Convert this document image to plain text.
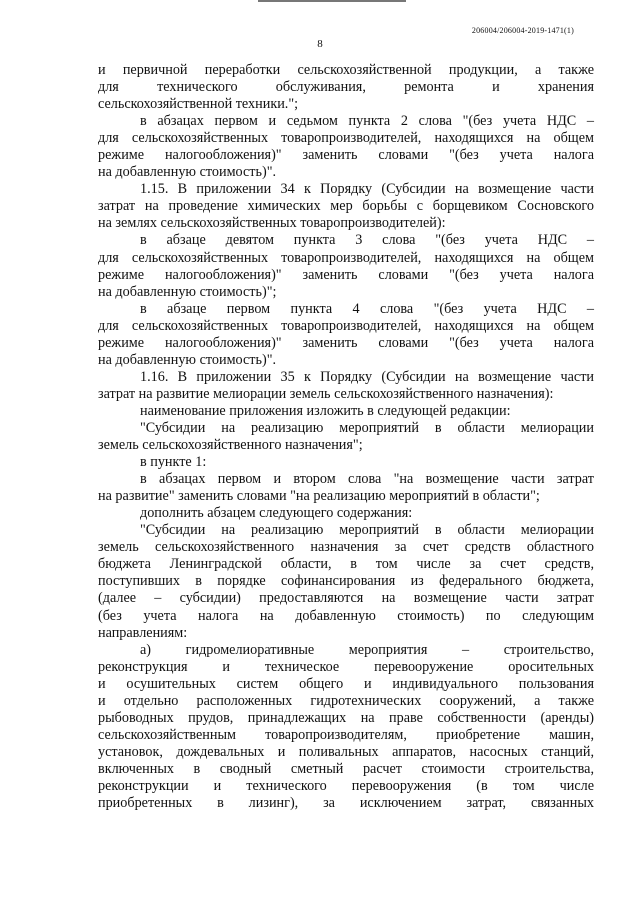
206004/206004-2019-1471(1)
8
и первичной переработки сельскохозяйственной продукции, а также
для технического обслуживания, ремонта и хранения
сельскохозяйственной техники.";
в абзацах первом и седьмом пункта 2 слова "(без учета НДС –
для сельскохозяйственных товаропроизводителей, находящихся на общем
режиме налогообложения)" заменить словами "(без учета налога
на добавленную стоимость)".
1.15. В приложении 34 к Порядку (Субсидии на возмещение части
затрат на проведение химических мер борьбы с борщевиком Сосновского
на землях сельскохозяйственных товаропроизводителей):
в абзаце девятом пункта 3 слова "(без учета НДС –
для сельскохозяйственных товаропроизводителей, находящихся на общем
режиме налогообложения)" заменить словами "(без учета налога
на добавленную стоимость)";
в абзаце первом пункта 4 слова "(без учета НДС –
для сельскохозяйственных товаропроизводителей, находящихся на общем
режиме налогообложения)" заменить словами "(без учета налога
на добавленную стоимость)".
1.16. В приложении 35 к Порядку (Субсидии на возмещение части
затрат на развитие мелиорации земель сельскохозяйственного назначения):
наименование приложения изложить в следующей редакции:
"Субсидии на реализацию мероприятий в области мелиорации
земель сельскохозяйственного назначения";
в пункте 1:
в абзацах первом и втором слова "на возмещение части затрат
на развитие" заменить словами "на реализацию мероприятий в области";
дополнить абзацем следующего содержания:
"Субсидии на реализацию мероприятий в области мелиорации
земель сельскохозяйственного назначения за счет средств областного
бюджета Ленинградской области, в том числе за счет средств,
поступивших в порядке софинансирования из федерального бюджета,
(далее – субсидии) предоставляются на возмещение части затрат
(без учета налога на добавленную стоимость) по следующим
направлениям:
а) гидромелиоративные мероприятия – строительство,
реконструкция и техническое перевооружение оросительных
и осушительных систем общего и индивидуального пользования
и отдельно расположенных гидротехнических сооружений, а также
рыбоводных прудов, принадлежащих на праве собственности (аренды)
сельскохозяйственным товаропроизводителям, приобретение машин,
установок, дождевальных и поливальных аппаратов, насосных станций,
включенных в сводный сметный расчет стоимости строительства,
реконструкции и технического перевооружения (в том числе
приобретенных в лизинг), за исключением затрат, связанных
